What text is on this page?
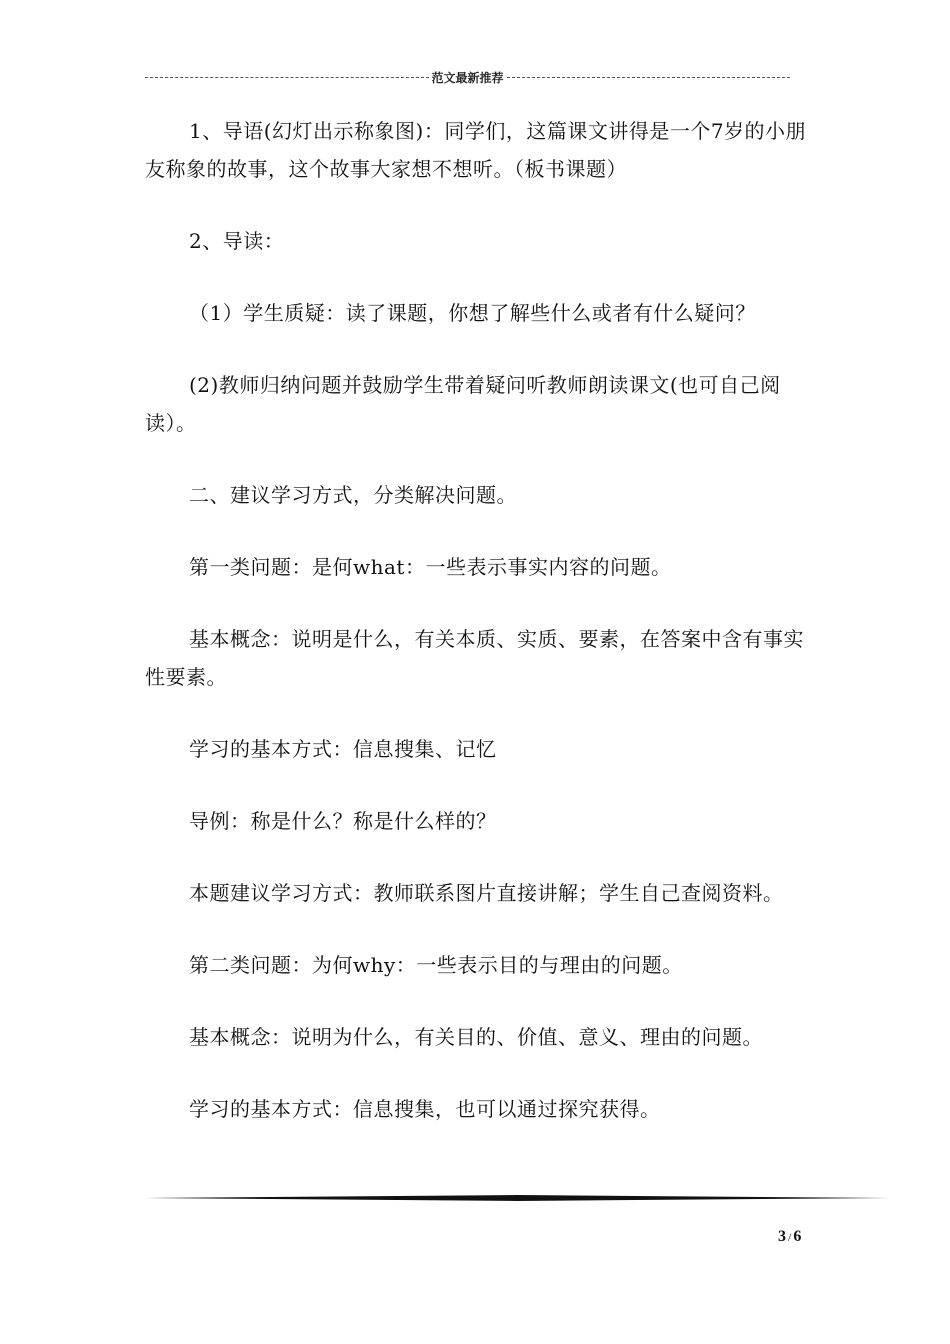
范文最新推荐

1、导语(幻灯出示称象图)：同学们，这篇课文讲得是一个7岁的小朋友称象的故事，这个故事大家想不想听。（板书课题）

2、导读：

（1）学生质疑：读了课题，你想了解些什么或者有什么疑问？

(2)教师归纳问题并鼓励学生带着疑问听教师朗读课文(也可自己阅读）。

二、建议学习方式，分类解决问题。

第一类问题：是何what：一些表示事实内容的问题。

基本概念：说明是什么，有关本质、实质、要素，在答案中含有事实性要素。

学习的基本方式：信息搜集、记忆

导例：称是什么？称是什么样的？

本题建议学习方式：教师联系图片直接讲解；学生自己查阅资料。

第二类问题：为何why：一些表示目的与理由的问题。

基本概念：说明为什么，有关目的、价值、意义、理由的问题。

学习的基本方式：信息搜集，也可以通过探究获得。

3 / 6
